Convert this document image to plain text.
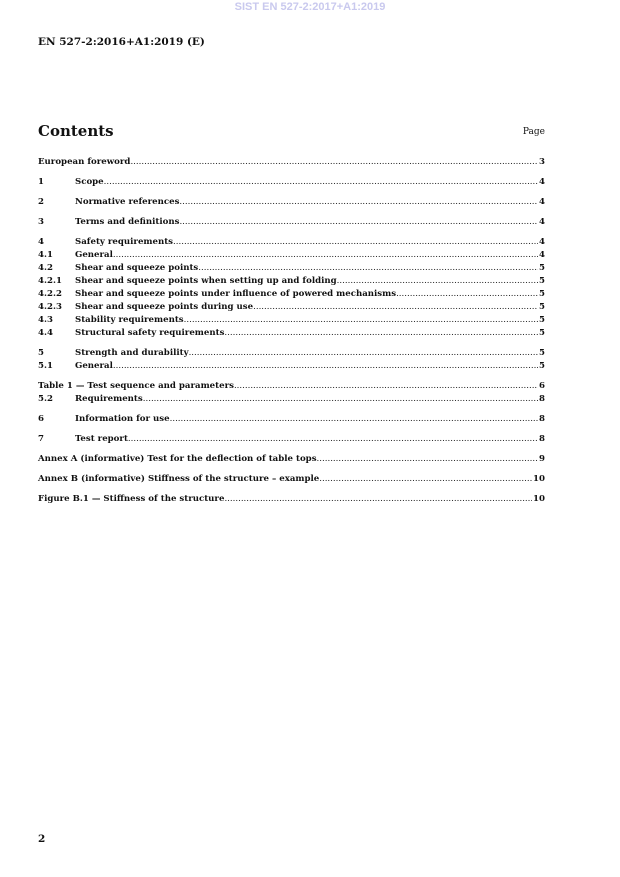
SIST EN 527-2:2017+A1:2019
EN 527-2:2016+A1:2019 (E)
Contents	Page
European foreword .....	3
1	Scope .....	4
2	Normative references .....	4
3	Terms and definitions .....	4
4	Safety requirements .....	4
4.1	General .....	4
4.2	Shear and squeeze points .....	5
4.2.1	Shear and squeeze points when setting up and folding .....	5
4.2.2	Shear and squeeze points under influence of powered mechanisms .....	5
4.2.3	Shear and squeeze points during use .....	5
4.3	Stability requirements .....	5
4.4	Structural safety requirements .....	5
5	Strength and durability .....	5
5.1	General .....	5
Table 1 — Test sequence and parameters .....	6
5.2	Requirements .....	8
6	Information for use .....	8
7	Test report .....	8
Annex A (informative) Test for the deflection of table tops .....	9
Annex B (informative) Stiffness of the structure – example .....	10
Figure B.1 — Stiffness of the structure .....	10
2
